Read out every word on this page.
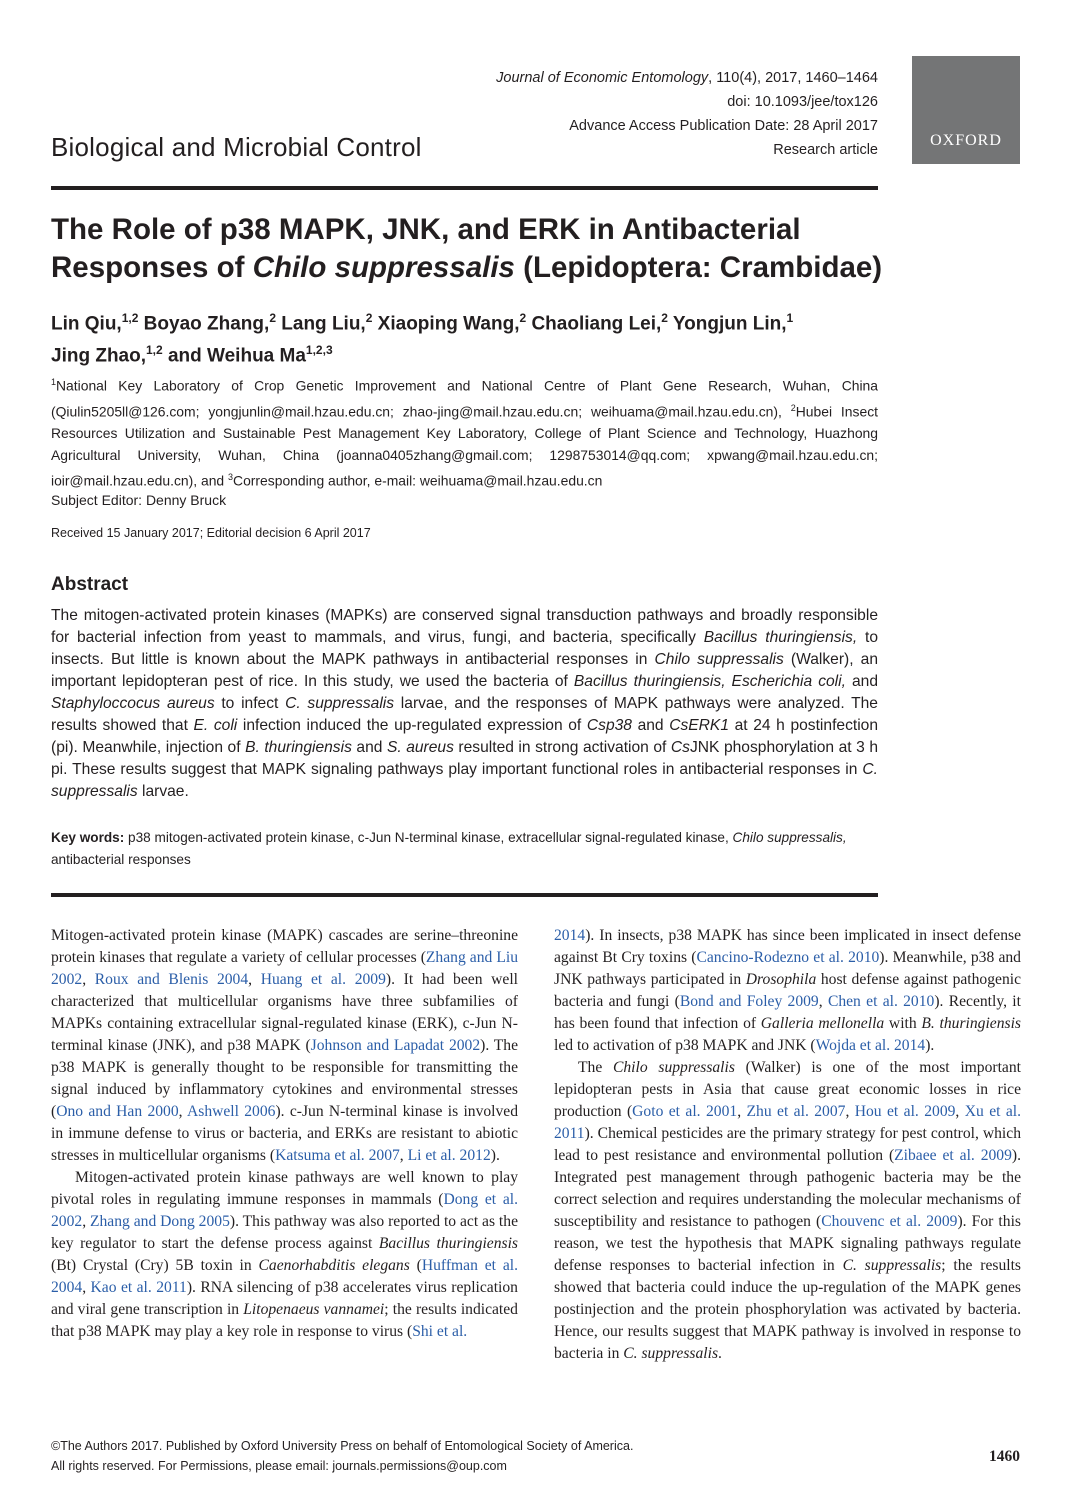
Journal of Economic Entomology, 110(4), 2017, 1460–1464
doi: 10.1093/jee/tox126
Advance Access Publication Date: 28 April 2017
Research article
OXFORD
Biological and Microbial Control
The Role of p38 MAPK, JNK, and ERK in Antibacterial Responses of Chilo suppressalis (Lepidoptera: Crambidae)
Lin Qiu,$^{1,2}$ Boyao Zhang,$^2$ Lang Liu,$^2$ Xiaoping Wang,$^2$ Chaoliang Lei,$^2$ Yongjun Lin,$^1$
Jing Zhao,$^{1,2}$ and Weihua Ma$^{1,2,3}$
$^1$National Key Laboratory of Crop Genetic Improvement and National Centre of Plant Gene Research, Wuhan, China (Qiulin5205ll@126.com; yongjunlin@mail.hzau.edu.cn; zhao-jing@mail.hzau.edu.cn; weihuama@mail.hzau.edu.cn), $^2$Hubei Insect Resources Utilization and Sustainable Pest Management Key Laboratory, College of Plant Science and Technology, Huazhong Agricultural University, Wuhan, China (joanna0405zhang@gmail.com; 1298753014@qq.com; xpwang@mail.hzau.edu.cn; ioir@mail.hzau.edu.cn), and $^3$Corresponding author, e-mail: weihuama@mail.hzau.edu.cn
Subject Editor: Denny Bruck
Received 15 January 2017; Editorial decision 6 April 2017
Abstract
The mitogen-activated protein kinases (MAPKs) are conserved signal transduction pathways and broadly responsible for bacterial infection from yeast to mammals, and virus, fungi, and bacteria, specifically Bacillus thuringiensis, to insects. But little is known about the MAPK pathways in antibacterial responses in Chilo suppressalis (Walker), an important lepidopteran pest of rice. In this study, we used the bacteria of Bacillus thuringiensis, Escherichia coli, and Staphyloccocus aureus to infect C. suppressalis larvae, and the responses of MAPK pathways were analyzed. The results showed that E. coli infection induced the up-regulated expression of Csp38 and CsERK1 at 24 h postinfection (pi). Meanwhile, injection of B. thuringiensis and S. aureus resulted in strong activation of CsJNK phosphorylation at 3 h pi. These results suggest that MAPK signaling pathways play important functional roles in antibacterial responses in C. suppressalis larvae.
Key words: p38 mitogen-activated protein kinase, c-Jun N-terminal kinase, extracellular signal-regulated kinase, Chilo suppressalis, antibacterial responses

Mitogen-activated protein kinase (MAPK) cascades are serine–threonine protein kinases that regulate a variety of cellular processes (Zhang and Liu 2002, Roux and Blenis 2004, Huang et al. 2009). It had been well characterized that multicellular organisms have three subfamilies of MAPKs containing extracellular signal-regulated kinase (ERK), c-Jun N-terminal kinase (JNK), and p38 MAPK (Johnson and Lapadat 2002). The p38 MAPK is generally thought to be responsible for transmitting the signal induced by inflammatory cytokines and environmental stresses (Ono and Han 2000, Ashwell 2006). c-Jun N-terminal kinase is involved in immune defense to virus or bacteria, and ERKs are resistant to abiotic stresses in multicellular organisms (Katsuma et al. 2007, Li et al. 2012).

Mitogen-activated protein kinase pathways are well known to play pivotal roles in regulating immune responses in mammals (Dong et al. 2002, Zhang and Dong 2005). This pathway was also reported to act as the key regulator to start the defense process against Bacillus thuringiensis (Bt) Crystal (Cry) 5B toxin in Caenorhabditis elegans (Huffman et al. 2004, Kao et al. 2011). RNA silencing of p38 accelerates virus replication and viral gene transcription in Litopenaeus vannamei; the results indicated that p38 MAPK may play a key role in response to virus (Shi et al.

2014). In insects, p38 MAPK has since been implicated in insect defense against Bt Cry toxins (Cancino-Rodezno et al. 2010). Meanwhile, p38 and JNK pathways participated in Drosophila host defense against pathogenic bacteria and fungi (Bond and Foley 2009, Chen et al. 2010). Recently, it has been found that infection of Galleria mellonella with B. thuringiensis led to activation of p38 MAPK and JNK (Wojda et al. 2014).

The Chilo suppressalis (Walker) is one of the most important lepidopteran pests in Asia that cause great economic losses in rice production (Goto et al. 2001, Zhu et al. 2007, Hou et al. 2009, Xu et al. 2011). Chemical pesticides are the primary strategy for pest control, which lead to pest resistance and environmental pollution (Zibaee et al. 2009). Integrated pest management through pathogenic bacteria may be the correct selection and requires understanding the molecular mechanisms of susceptibility and resistance to pathogen (Chouvenc et al. 2009). For this reason, we test the hypothesis that MAPK signaling pathways regulate defense responses to bacterial infection in C. suppressalis; the results showed that bacteria could induce the up-regulation of the MAPK genes postinjection and the protein phosphorylation was activated by bacteria. Hence, our results suggest that MAPK pathway is involved in response to bacteria in C. suppressalis.

©The Authors 2017. Published by Oxford University Press on behalf of Entomological Society of America.
All rights reserved. For Permissions, please email: journals.permissions@oup.com
1460
